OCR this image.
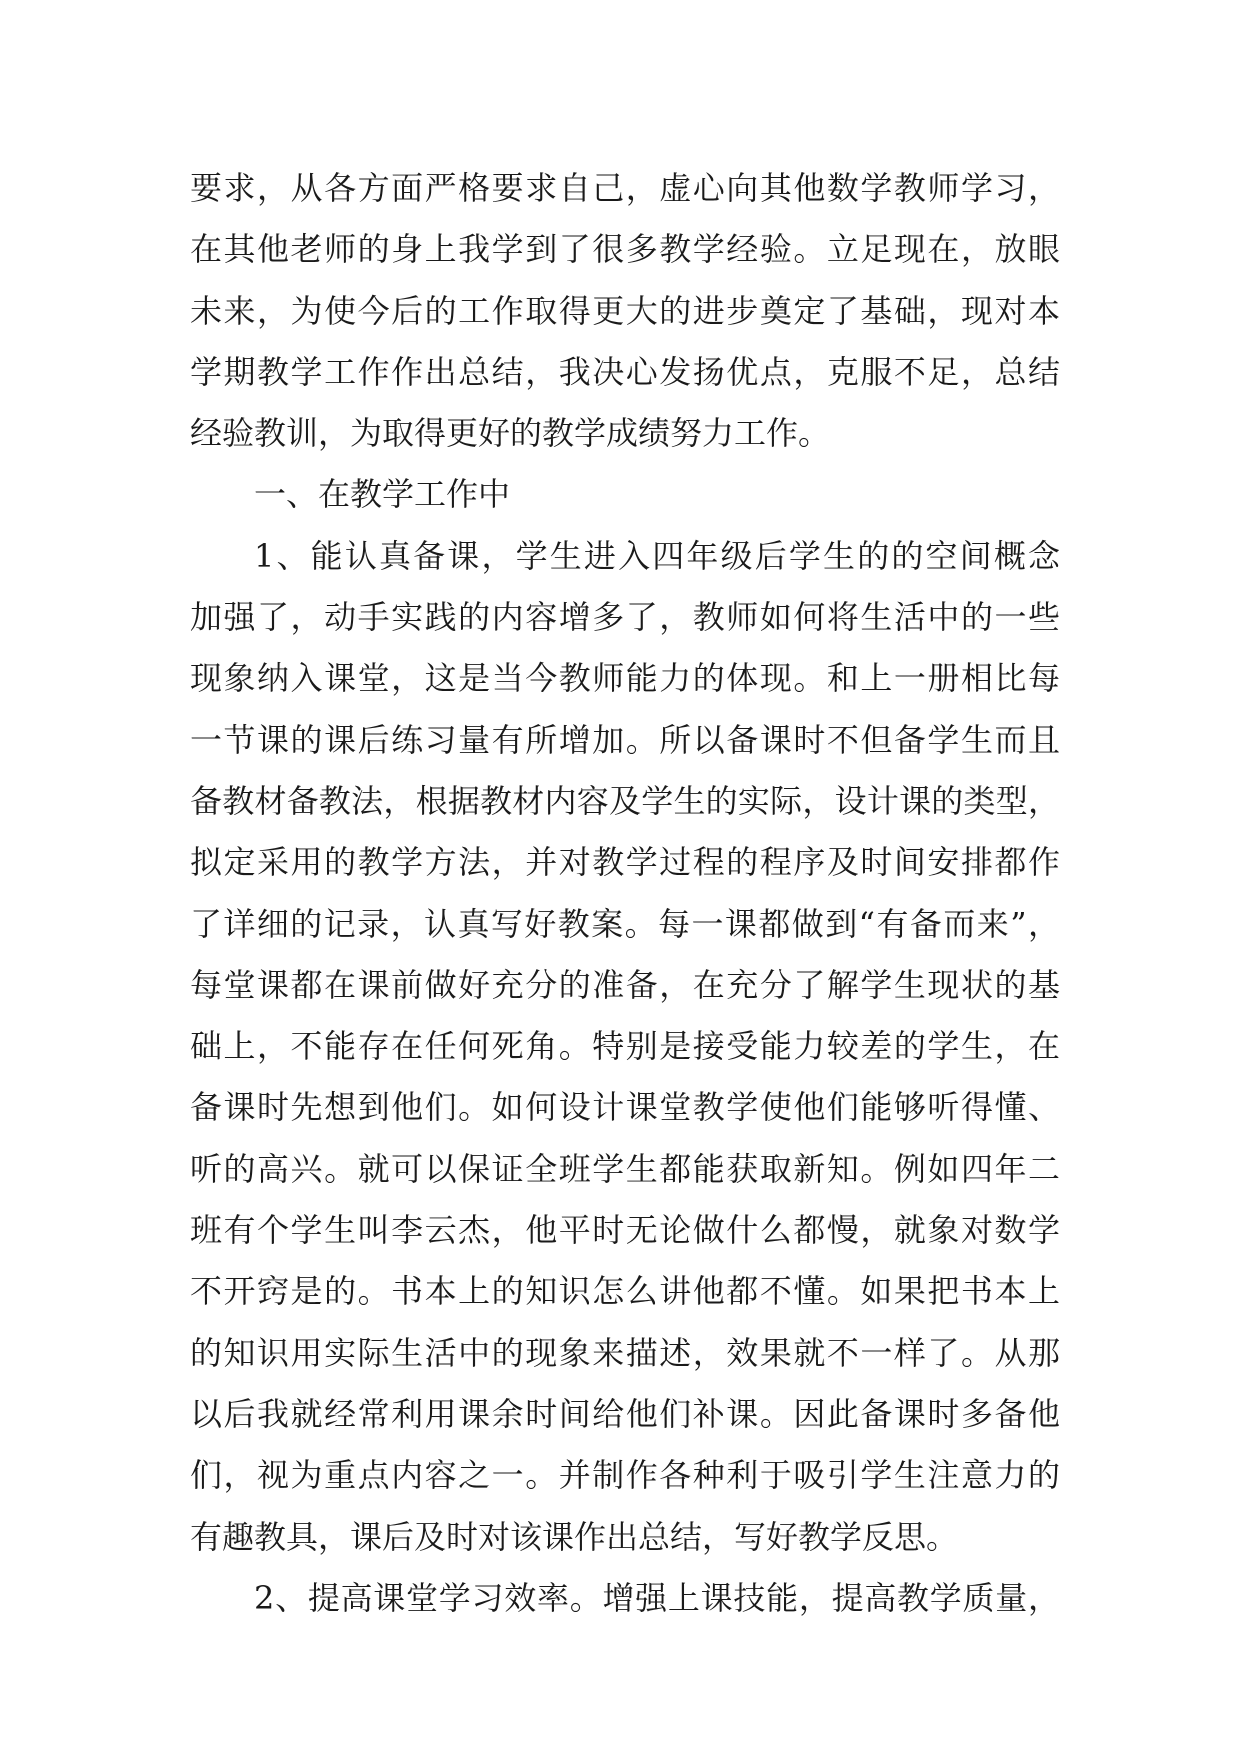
要求，从各方面严格要求自己，虚心向其他数学教师学习，
在其他老师的身上我学到了很多教学经验。立足现在，放眼
未来，为使今后的工作取得更大的进步奠定了基础，现对本
学期教学工作作出总结，我决心发扬优点，克服不足，总结
经验教训，为取得更好的教学成绩努力工作。
一、在教学工作中
1、能认真备课，学生进入四年级后学生的的空间概念
加强了，动手实践的内容增多了，教师如何将生活中的一些
现象纳入课堂，这是当今教师能力的体现。和上一册相比每
一节课的课后练习量有所增加。所以备课时不但备学生而且
备教材备教法，根据教材内容及学生的实际，设计课的类型，
拟定采用的教学方法，并对教学过程的程序及时间安排都作
了详细的记录，认真写好教案。每一课都做到“有备而来”，
每堂课都在课前做好充分的准备，在充分了解学生现状的基
础上，不能存在任何死角。特别是接受能力较差的学生，在
备课时先想到他们。如何设计课堂教学使他们能够听得懂、
听的高兴。就可以保证全班学生都能获取新知。例如四年二
班有个学生叫李云杰，他平时无论做什么都慢，就象对数学
不开窍是的。书本上的知识怎么讲他都不懂。如果把书本上
的知识用实际生活中的现象来描述，效果就不一样了。从那
以后我就经常利用课余时间给他们补课。因此备课时多备他
们，视为重点内容之一。并制作各种利于吸引学生注意力的
有趣教具，课后及时对该课作出总结，写好教学反思。
2、提高课堂学习效率。增强上课技能，提高教学质量，
